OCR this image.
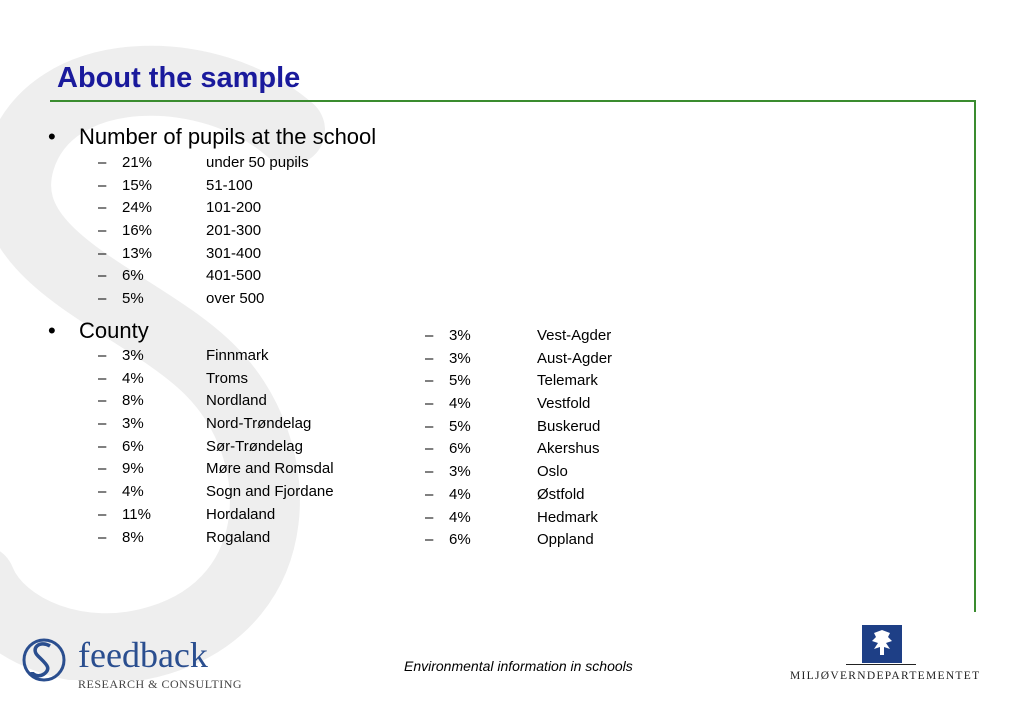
About the sample
• Number of pupils at the school
– 21%	under 50 pupils
– 15%	51-100
– 24%	101-200
– 16%	201-300
– 13%	301-400
– 6%	401-500
– 5%	over 500
• County
– 3%	Finnmark
– 4%	Troms
– 8%	Nordland
– 3%	Nord-Trøndelag
– 6%	Sør-Trøndelag
– 9%	Møre and Romsdal
– 4%	Sogn and Fjordane
– 11%	Hordaland
– 8%	Rogaland
– 3%	Vest-Agder
– 3%	Aust-Agder
– 5%	Telemark
– 4%	Vestfold
– 5%	Buskerud
– 6%	Akershus
– 3%	Oslo
– 4%	Østfold
– 4%	Hedmark
– 6%	Oppland
Environmental information in schools
feedback
RESEARCH & CONSULTING
MILJØVERNDEPARTEMENTET
